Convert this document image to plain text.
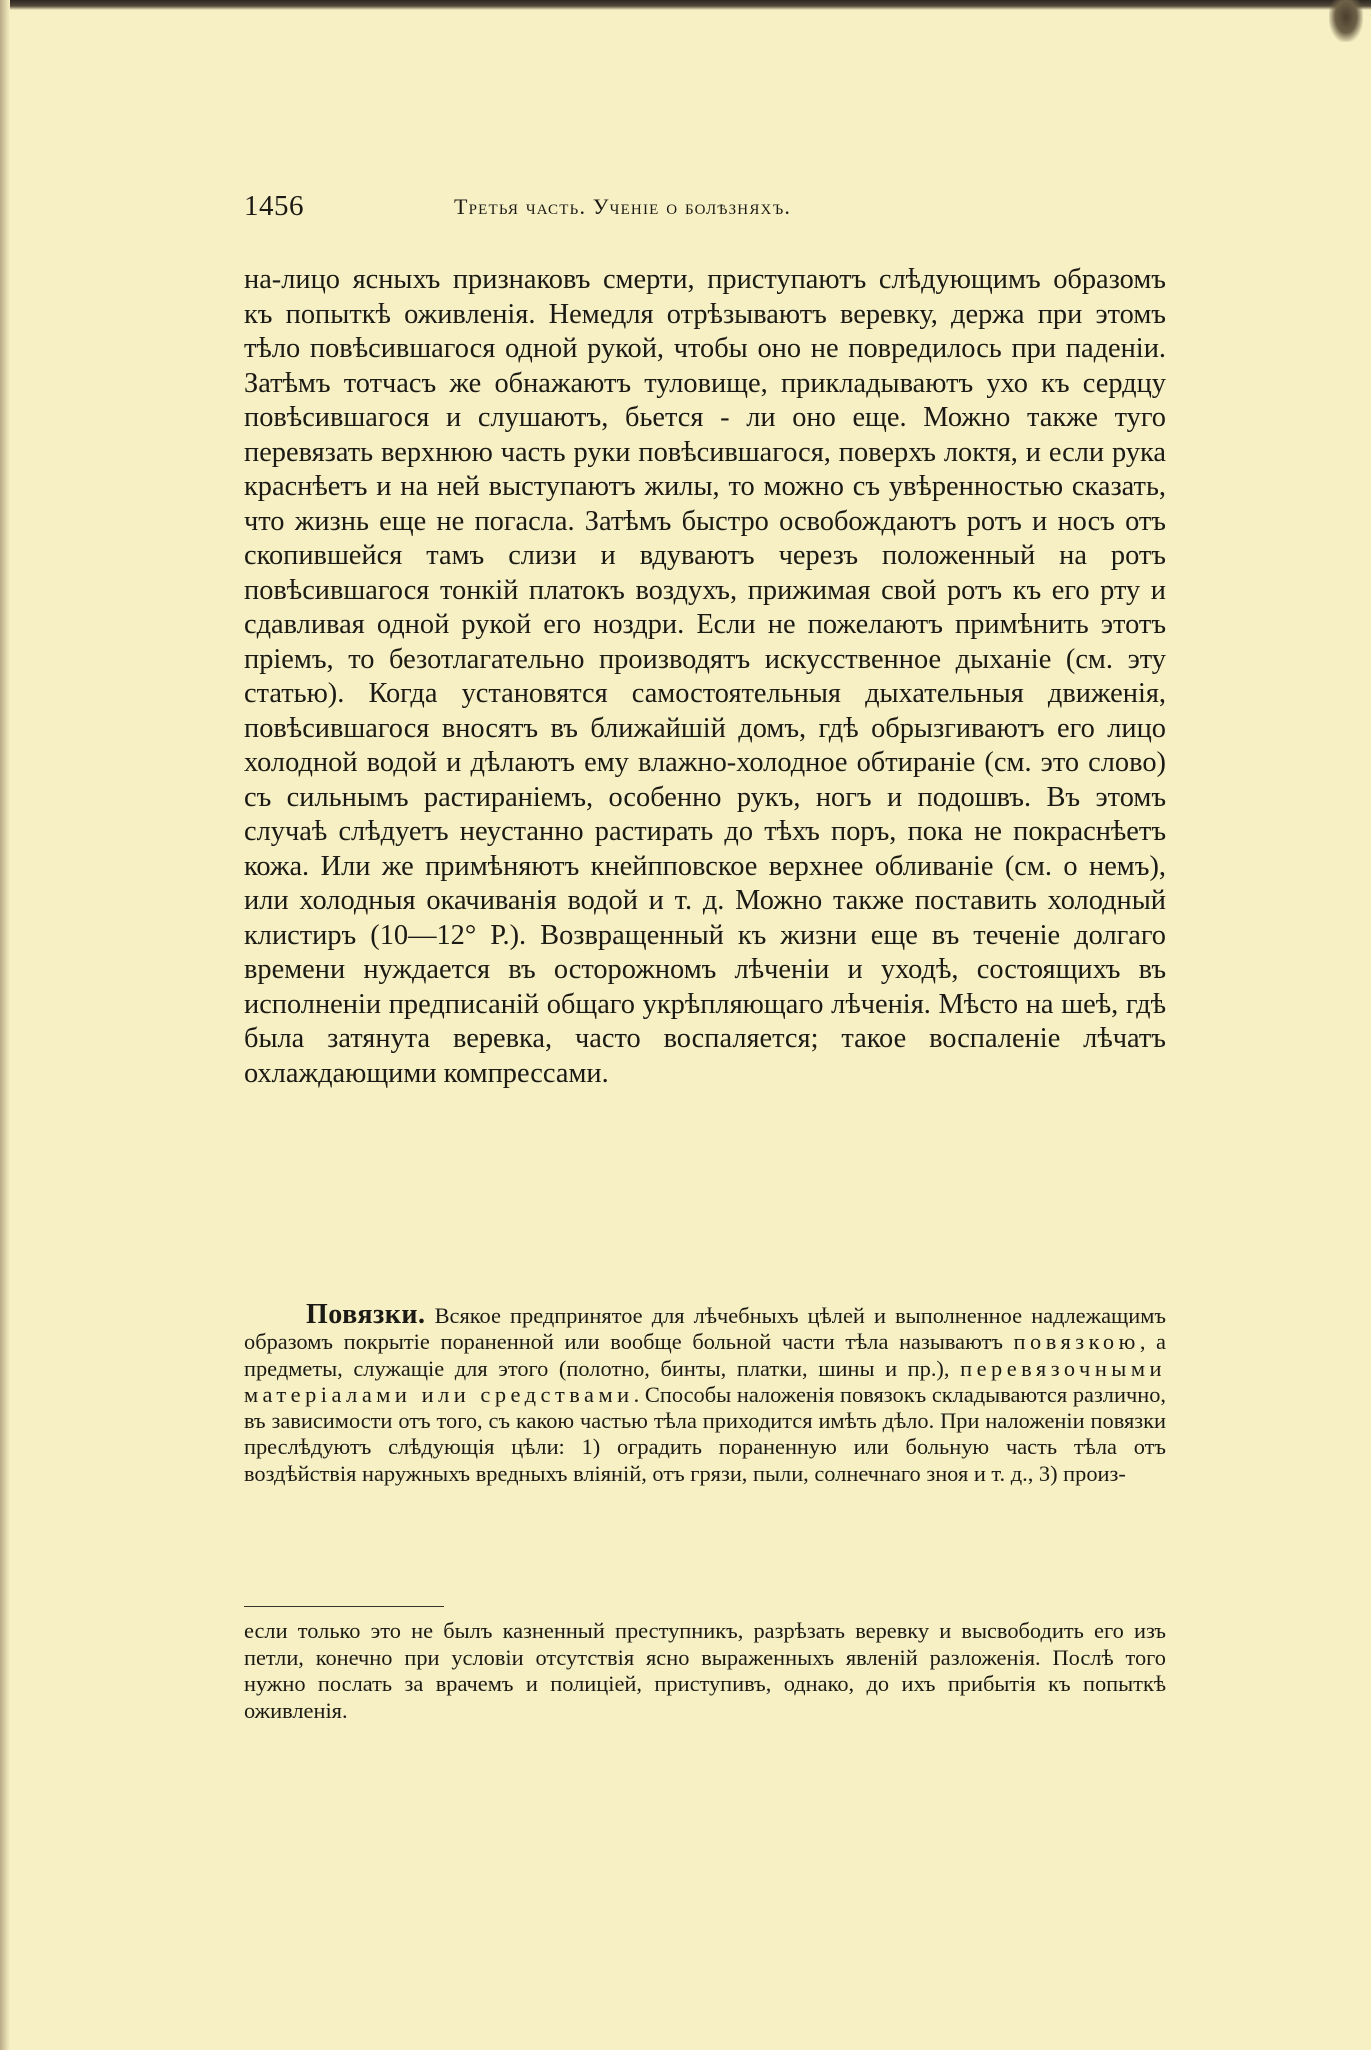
1456	Третья часть. Ученіе о болѣзняхъ.

на-лицо ясныхъ признаковъ смерти, приступаютъ слѣдующимъ образомъ къ попыткѣ оживленія. Немедля отрѣзываютъ веревку, держа при этомъ тѣло повѣсившагося одной рукой, чтобы оно не повредилось при паденіи. Затѣмъ тотчасъ же обнажаютъ туловище, прикладываютъ ухо къ сердцу повѣсившагося и слушаютъ, бьется - ли оно еще. Можно также туго перевязать верхнюю часть руки повѣсившагося, поверхъ локтя, и если рука краснѣетъ и на ней выступаютъ жилы, то можно съ увѣренностью сказать, что жизнь еще не погасла. Затѣмъ быстро освобождаютъ ротъ и носъ отъ скопившейся тамъ слизи и вдуваютъ черезъ положенный на ротъ повѣсившагося тонкій платокъ воздухъ, прижимая свой ротъ къ его рту и сдавливая одной рукой его ноздри. Если не пожелаютъ примѣнить этотъ пріемъ, то безотлагательно производятъ искусственное дыханіе (см. эту статью). Когда установятся самостоятельныя дыхательныя движенія, повѣсившагося вносятъ въ ближайшій домъ, гдѣ обрызгиваютъ его лицо холодной водой и дѣлаютъ ему влажно-холодное обтираніе (см. это слово) съ сильнымъ растираніемъ, особенно рукъ, ногъ и подошвъ. Въ этомъ случаѣ слѣдуетъ неустанно растирать до тѣхъ поръ, пока не покраснѣетъ кожа. Или же примѣняютъ кнейпповское верхнее обливаніе (см. о немъ), или холодныя окачиванія водой и т. д. Можно также поставить холодный клистиръ (10—12° Р.). Возвращенный къ жизни еще въ теченіе долгаго времени нуждается въ осторожномъ лѣченіи и уходѣ, состоящихъ въ исполненіи предписаній общаго укрѣпляющаго лѣченія. Мѣсто на шеѣ, гдѣ была затянута веревка, часто воспаляется; такое воспаленіе лѣчатъ охлаждающими компрессами.

Повязки. Всякое предпринятое для лѣчебныхъ цѣлей и выполненное надлежащимъ образомъ покрытіе пораненной или вообще больной части тѣла называютъ повязкою, а предметы, служащіе для этого (полотно, бинты, платки, шины и пр.), перевязочными матеріалами или средствами. Способы наложенія повязокъ складываются различно, въ зависимости отъ того, съ какою частью тѣла приходится имѣть дѣло. При наложеніи повязки преслѣдуютъ слѣдующія цѣли: 1) оградить пораненную или больную часть тѣла отъ воздѣйствія наружныхъ вредныхъ вліяній, отъ грязи, пыли, солнечнаго зноя и т. д., 3) произ-

если только это не былъ казненный преступникъ, разрѣзать веревку и высвободить его изъ петли, конечно при условіи отсутствія ясно выраженныхъ явленій разложенія. Послѣ того нужно послать за врачемъ и полиціей, приступивъ, однако, до ихъ прибытія къ попыткѣ оживленія.
